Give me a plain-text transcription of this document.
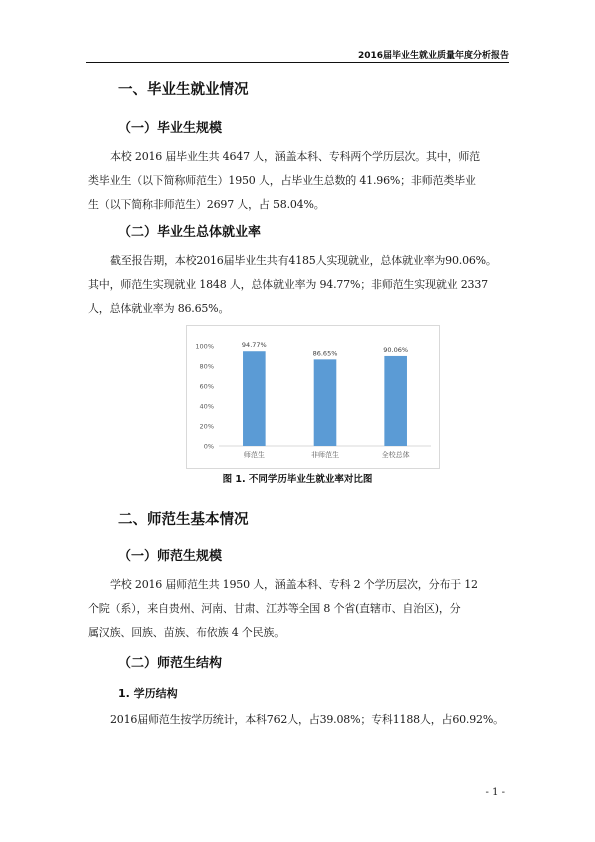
2016届毕业生就业质量年度分析报告
一、毕业生就业情况
（一）毕业生规模
本校 2016 届毕业生共 4647 人，涵盖本科、专科两个学历层次。其中，师范
类毕业生（以下简称师范生）1950 人，占毕业生总数的 41.96%；非师范类毕业
生（以下简称非师范生）2697 人，占 58.04%。
（二）毕业生总体就业率
截至报告期，本校2016届毕业生共有4185人实现就业，总体就业率为90.06%。
其中，师范生实现就业 1848 人，总体就业率为 94.77%；非师范生实现就业 2337
人，总体就业率为 86.65%。
0%
20%
40%
60%
80%
100%	94.77%
师范生
86.65%
非师范生
90.06%
全校总体
图 1. 不同学历毕业生就业率对比图
二、师范生基本情况
（一）师范生规模
学校 2016 届师范生共 1950 人，涵盖本科、专科 2 个学历层次，分布于 12
个院（系），来自贵州、河南、甘肃、江苏等全国 8 个省(直辖市、自治区)，分
属汉族、回族、苗族、布依族 4 个民族。
（二）师范生结构
1. 学历结构
2016届师范生按学历统计，本科762人，占39.08%；专科1188人，占60.92%。
- 1 -
